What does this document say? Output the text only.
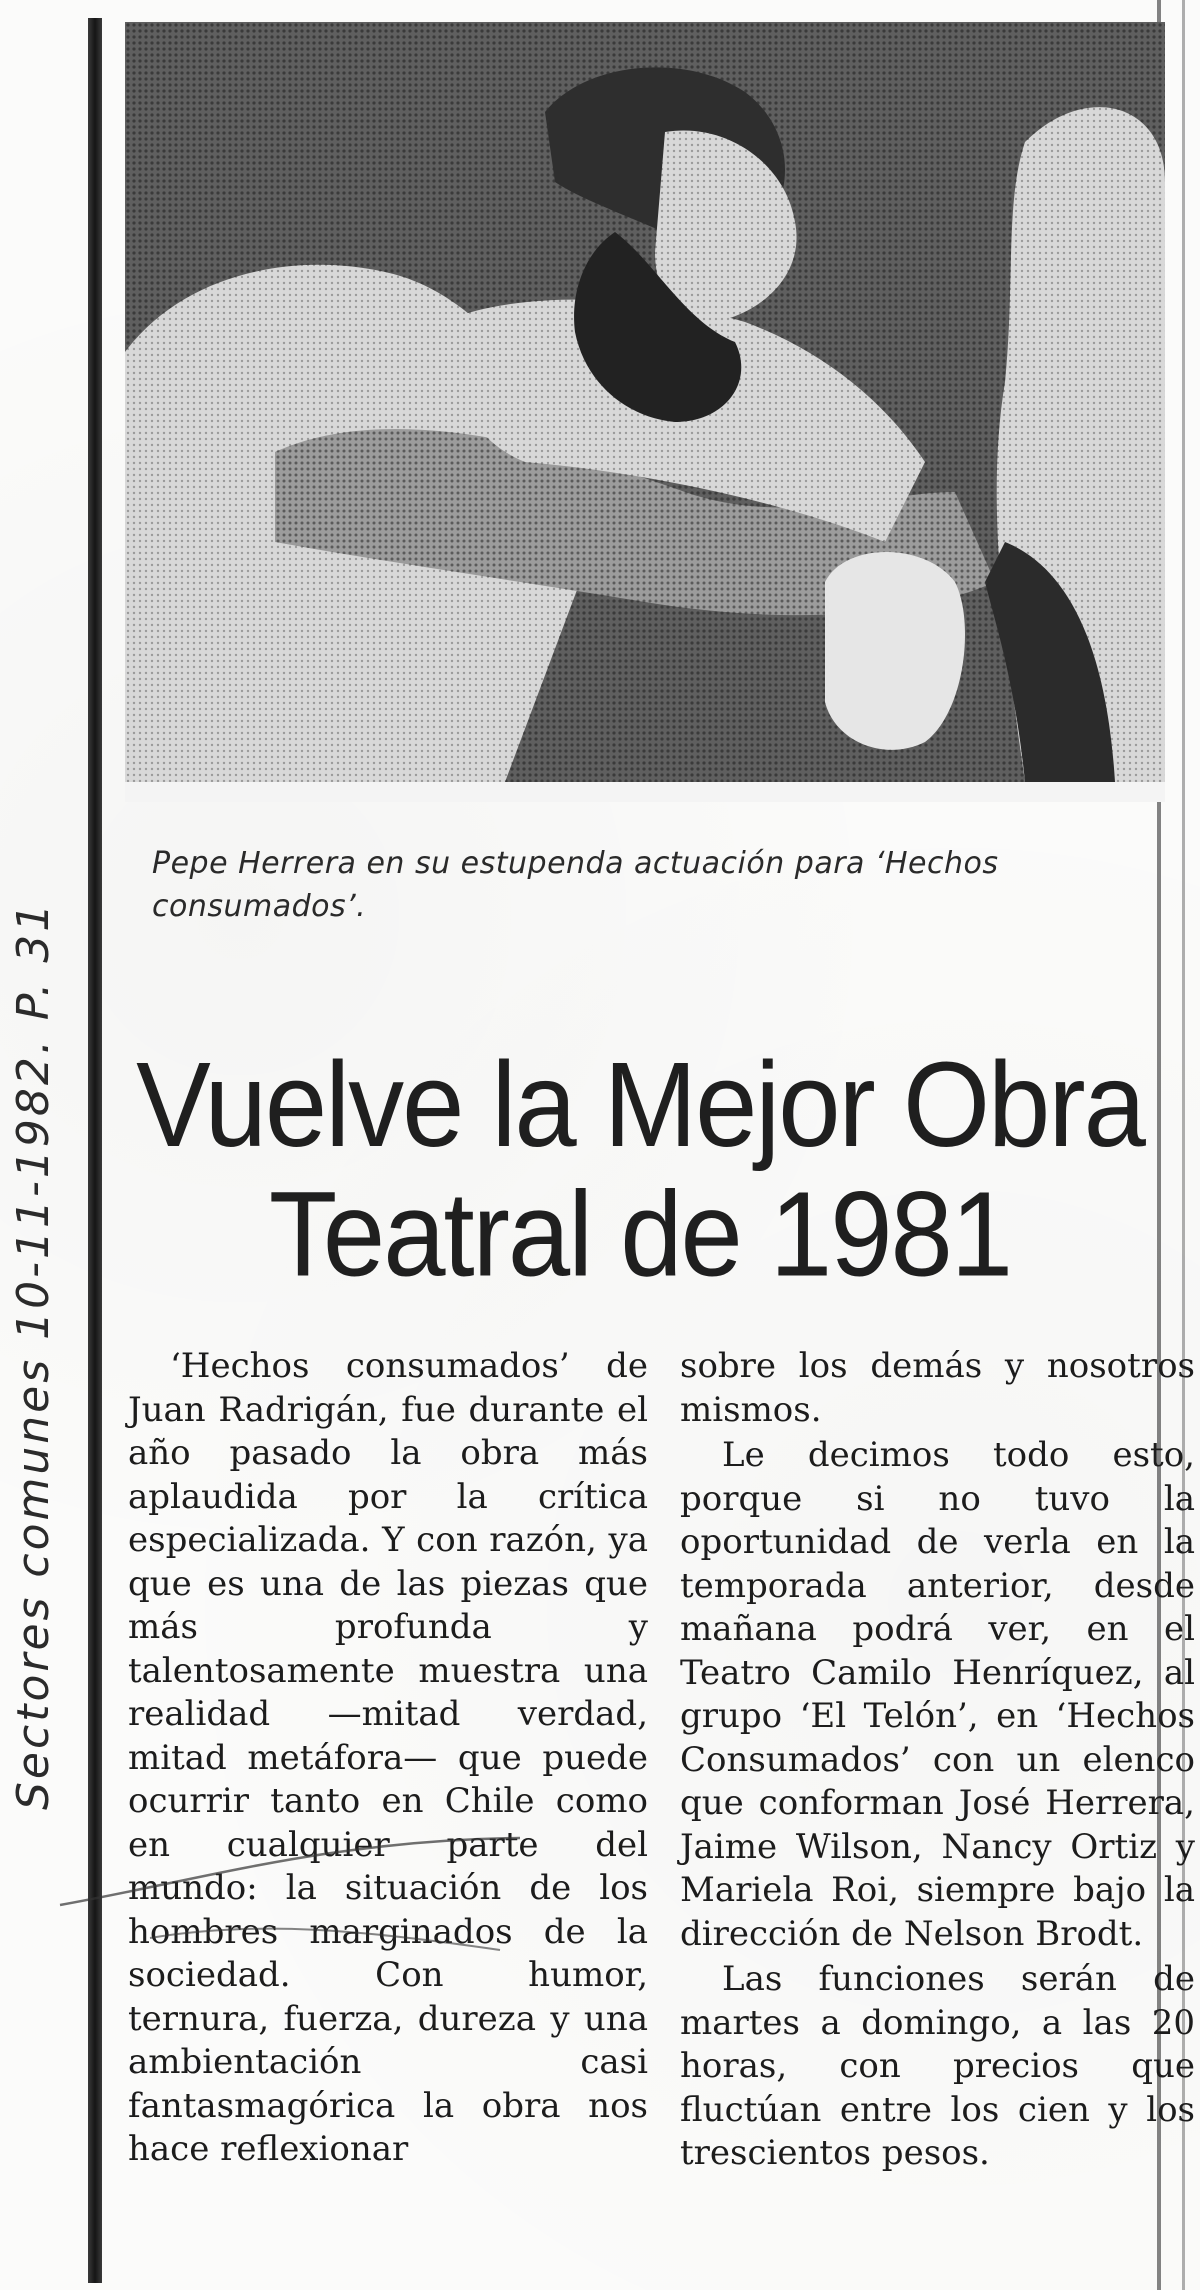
Sectores comunes 10-11-1982. P. 31
Pepe Herrera en su estupenda actuación para ‘Hechos consumados’.
Vuelve la Mejor Obra
Teatral de 1981

‘Hechos consumados’ de Juan Radrigán, fue durante el año pasado la obra más aplaudida por la crítica especializada. Y con razón, ya que es una de las piezas que más profunda y talentosamente muestra una realidad —mitad verdad, mitad metáfora— que puede ocurrir tanto en Chile como en cualquier parte del mundo: la situación de los hombres marginados de la sociedad. Con humor, ternura, fuerza, dureza y una ambientación casi fantasmagórica la obra nos hace reflexionar

sobre los demás y nosotros mismos.

Le decimos todo esto, porque si no tuvo la oportunidad de verla en la temporada anterior, desde mañana podrá ver, en el Teatro Camilo Henríquez, al grupo ‘El Telón’, en ‘Hechos Consumados’ con un elenco que conforman José Herrera, Jaime Wilson, Nancy Ortiz y Mariela Roi, siempre bajo la dirección de Nelson Brodt.

Las funciones serán de martes a domingo, a las 20 horas, con precios que fluctúan entre los cien y los trescientos pesos.
